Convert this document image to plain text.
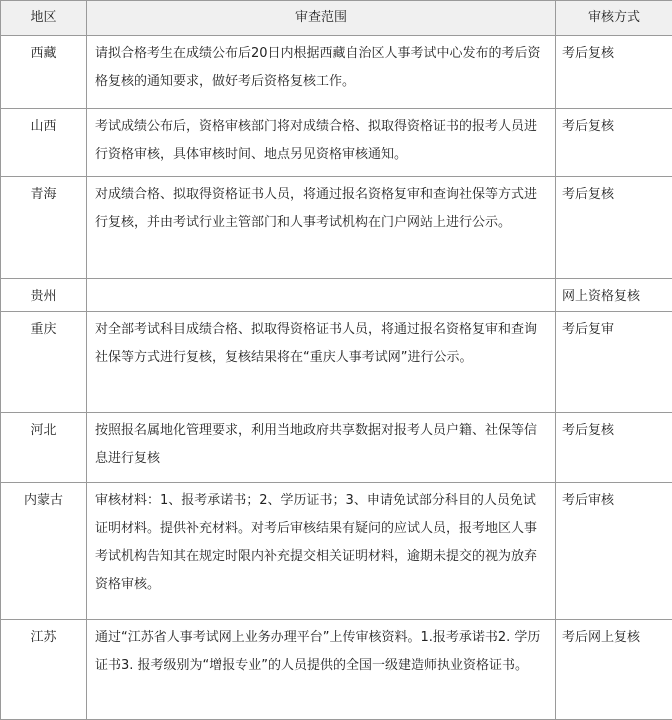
地区	审查范围	审核方式
西藏	请拟合格考生在成绩公布后20日内根据西藏自治区人事考试中心发布的考后资格复核的通知要求，做好考后资格复核工作。	考后复核
山西	考试成绩公布后，资格审核部门将对成绩合格、拟取得资格证书的报考人员进行资格审核，具体审核时间、地点另见资格审核通知。	考后复核
青海	对成绩合格、拟取得资格证书人员，将通过报名资格复审和查询社保等方式进行复核，并由考试行业主管部门和人事考试机构在门户网站上进行公示。	考后复核
贵州		网上资格复核
重庆	对全部考试科目成绩合格、拟取得资格证书人员，将通过报名资格复审和查询社保等方式进行复核，复核结果将在“重庆人事考试网”进行公示。	考后复审
河北	按照报名属地化管理要求，利用当地政府共享数据对报考人员户籍、社保等信息进行复核	考后复核
内蒙古	审核材料：1、报考承诺书；2、学历证书；3、申请免试部分科目的人员免试证明材料。提供补充材料。对考后审核结果有疑问的应试人员，报考地区人事考试机构告知其在规定时限内补充提交相关证明材料，逾期未提交的视为放弃资格审核。	考后审核
江苏	通过“江苏省人事考试网上业务办理平台”上传审核资料。1.报考承诺书2. 学历证书3. 报考级别为“增报专业”的人员提供的全国一级建造师执业资格证书。	考后网上复核
